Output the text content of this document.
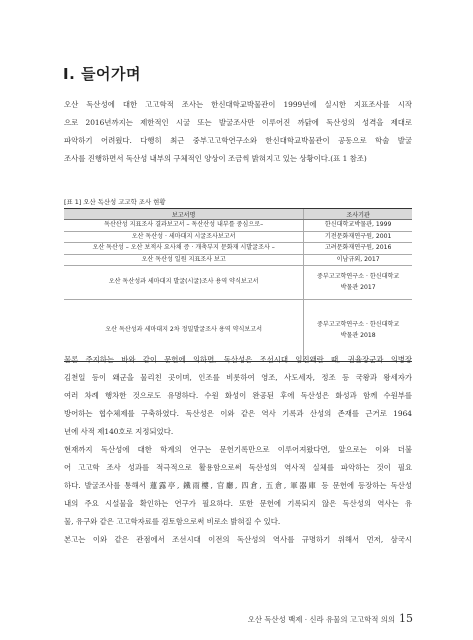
Ⅰ. 들어가며
오산 독산성에 대한 고고학적 조사는 한신대학교박물관이 1999년에 실시한 지표조사를 시작
으로 2016년까지는 제한적인 시굴 또는 발굴조사만 이루어진 까닭에 독산성의 성격을 제대로
파악하기 어려웠다. 다행히 최근 중부고고학연구소와 한신대학교박물관이 공동으로 학술 발굴
조사를 진행하면서 독산성 내부의 구체적인 양상이 조금씩 밝혀지고 있는 상황이다.(표 1 참조)
[표 1] 오산 독산성 고고학 조사 현황
보고서명	조사기관
독산산성 지표조사 결과보고서 – 독산산성 내부를 중심으로–	한신대학교박물관, 1999
오산 독산성 · 세마대지 시굴조사보고서	기전문화재연구원, 2001
오산 독산성 – 오산 보적사 요사채 증 · 개축부지 문화재 시발굴조사 –	고려문화재연구원, 2016
오산 독산성 일원 지표조사 보고	이남규외, 2017
오산 독산성과 세마대지 발굴(시굴)조사 용역 약식보고서	중부고고학연구소 · 한신대학교
박물관 2017

오산 독산성과 세마대지 2차 정밀발굴조사 용역 약식보고서	중부고고학연구소 · 한신대학교
박물관 2018
물론 주지하는 바와 같이 문헌에 의하면, 독산성은 조선시대 임진왜란 때, 권율장군과 의병장
김천일 등이 왜군을 물리친 곳이며, 인조를 비롯하여 영조, 사도세자, 정조 등 국왕과 왕세자가
여러 차례 행차한 것으로도 유명하다. 수원 화성이 완공된 후에 독산성은 화성과 함께 수원부를
방어하는 협수체제를 구축하였다. 독산성은 이와 같은 역사 기록과 산성의 존재를 근거로 1964
년에 사적 제140호로 지정되었다.
현재까지 독산성에 대한 학계의 연구는 문헌기록만으로 이루어져왔다면, 앞으로는 이와 더불
어 고고학 조사 성과를 적극적으로 활용함으로써 독산성의 역사적 실체를 파악하는 것이 필요
하다. 발굴조사를 통해서 蓮露亭, 鐵雨樓, 官廳, 四倉, 五倉, 軍器庫 등 문헌에 등장하는 독산성
내의 주요 시설물을 확인하는 연구가 필요하다. 또한 문헌에 기록되지 않은 독산성의 역사는 유
물, 유구와 같은 고고학자료를 검토함으로써 비로소 밝혀질 수 있다.
본고는 이와 같은 관점에서 조선시대 이전의 독산성의 역사를 규명하기 위해서 먼저, 삼국시
오산 독산성 백제 · 신라 유물의 고고학적 의의 15
